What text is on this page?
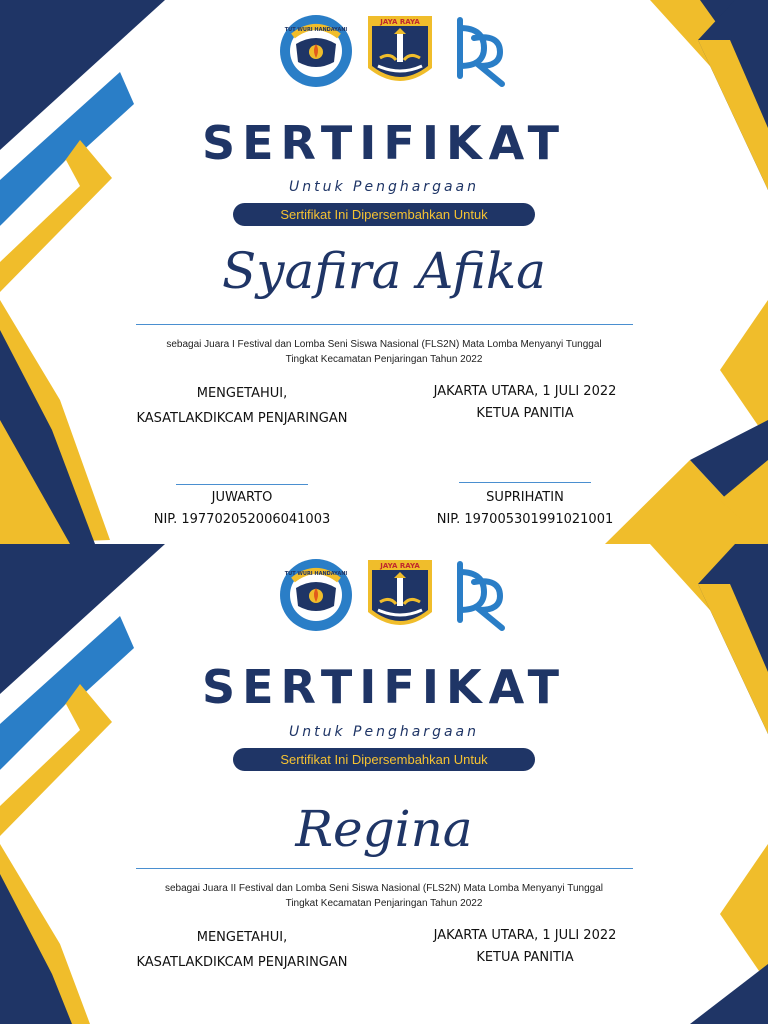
TUT WURI HANDAYANI
JAYA RAYA
SERTIFIKAT
Untuk Penghargaan
Sertifikat Ini Dipersembahkan Untuk
Syafira Afika
sebagai Juara I Festival dan Lomba Seni Siswa Nasional (FLS2N) Mata Lomba Menyanyi Tunggal
Tingkat Kecamatan Penjaringan Tahun 2022
MENGETAHUI,
KASATLAKDIKCAM PENJARINGAN
JAKARTA UTARA, 1 JULI 2022
KETUA PANITIA
JUWARTO
NIP. 197702052006041003
SUPRIHATIN
NIP. 197005301991021001
TUT WURI HANDAYANI
JAYA RAYA
SERTIFIKAT
Untuk Penghargaan
Sertifikat Ini Dipersembahkan Untuk
Regina
sebagai Juara II Festival dan Lomba Seni Siswa Nasional (FLS2N) Mata Lomba Menyanyi Tunggal
Tingkat Kecamatan Penjaringan Tahun 2022
MENGETAHUI,
KASATLAKDIKCAM PENJARINGAN
JAKARTA UTARA, 1 JULI 2022
KETUA PANITIA
